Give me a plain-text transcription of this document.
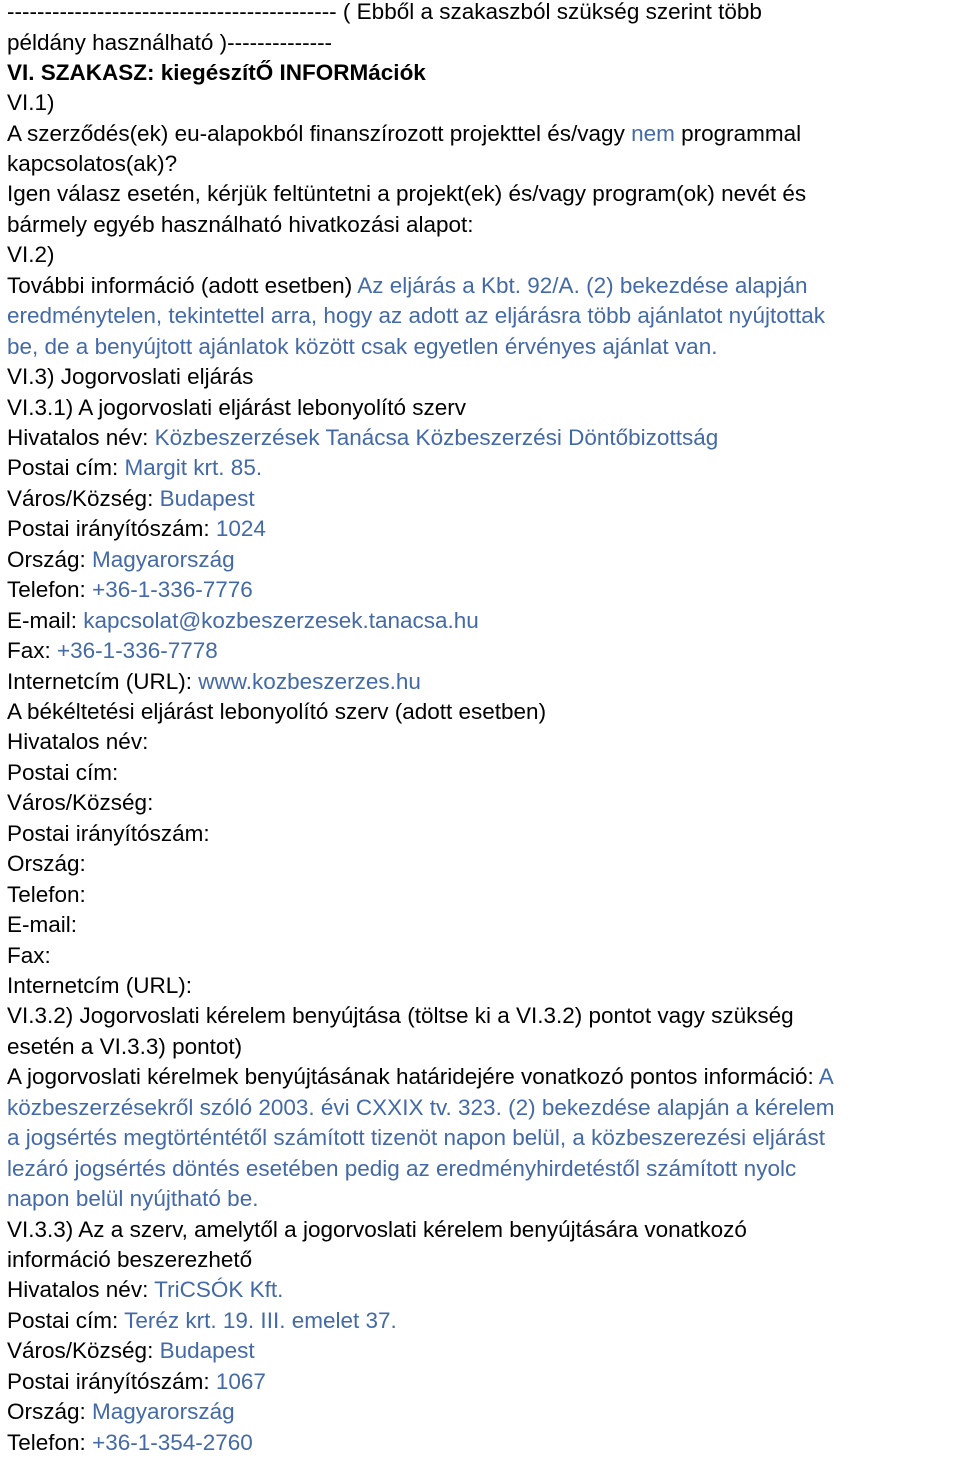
-------------------------------------------- ( Ebből a szakaszból szükség szerint több
példány használható )--------------
VI. SZAKASZ: kiegészítŐ INFORMációk
VI.1)
A szerződés(ek) eu-alapokból finanszírozott projekttel és/vagy nem programmal
kapcsolatos(ak)?
Igen válasz esetén, kérjük feltüntetni a projekt(ek) és/vagy program(ok) nevét és
bármely egyéb használható hivatkozási alapot:
VI.2)
További információ (adott esetben) Az eljárás a Kbt. 92/A. (2) bekezdése alapján
eredménytelen, tekintettel arra, hogy az adott az eljárásra több ajánlatot nyújtottak
be, de a benyújtott ajánlatok között csak egyetlen érvényes ajánlat van.
VI.3) Jogorvoslati eljárás
VI.3.1) A jogorvoslati eljárást lebonyolító szerv
Hivatalos név: Közbeszerzések Tanácsa Közbeszerzési Döntőbizottság
Postai cím: Margit krt. 85.
Város/Község: Budapest
Postai irányítószám: 1024
Ország: Magyarország
Telefon: +36-1-336-7776
E-mail: kapcsolat@kozbeszerzesek.tanacsa.hu
Fax: +36-1-336-7778
Internetcím (URL): www.kozbeszerzes.hu
A békéltetési eljárást lebonyolító szerv (adott esetben)
Hivatalos név:
Postai cím:
Város/Község:
Postai irányítószám:
Ország:
Telefon:
E-mail:
Fax:
Internetcím (URL):
VI.3.2) Jogorvoslati kérelem benyújtása (töltse ki a VI.3.2) pontot vagy szükség
esetén a VI.3.3) pontot)
A jogorvoslati kérelmek benyújtásának határidejére vonatkozó pontos információ: A
közbeszerzésekről szóló 2003. évi CXXIX tv. 323. (2) bekezdése alapján a kérelem
a jogsértés megtörténtétől számított tizenöt napon belül, a közbeszerezési eljárást
lezáró jogsértés döntés esetében pedig az eredményhirdetéstől számított nyolc
napon belül nyújtható be.
VI.3.3) Az a szerv, amelytől a jogorvoslati kérelem benyújtására vonatkozó
információ beszerezhető
Hivatalos név: TriCSÓK Kft.
Postai cím: Teréz krt. 19. III. emelet 37.
Város/Község: Budapest
Postai irányítószám: 1067
Ország: Magyarország
Telefon: +36-1-354-2760
